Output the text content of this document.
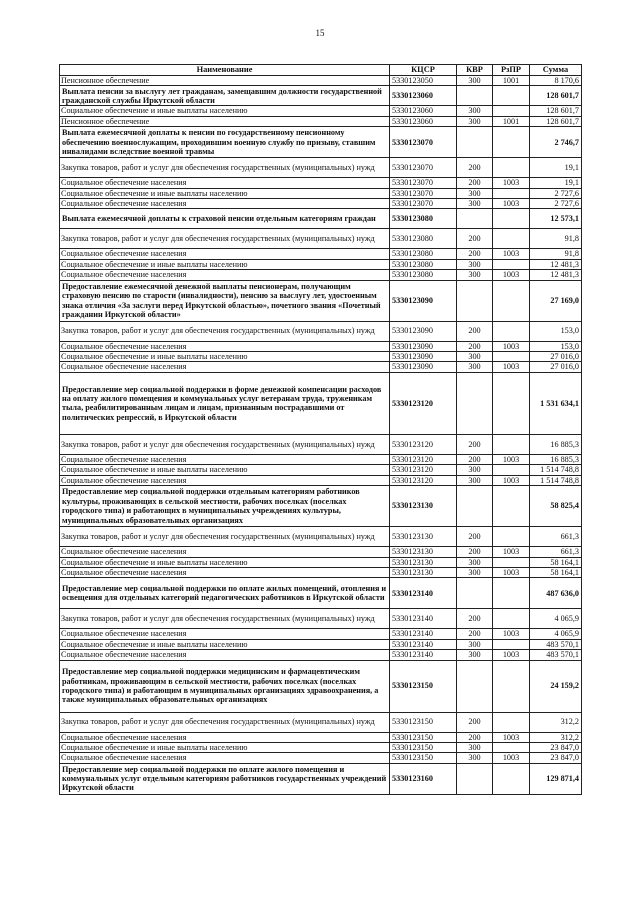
15
Наименование	КЦСР	КВР	РзПР	Сумма
Пенсионное обеспечение	5330123050	300	1001	8 170,6
Выплата пенсии за выслугу лет гражданам, замещавшим должности государственной гражданской службы Иркутской области	5330123060			128 601,7
Социальное обеспечение и иные выплаты населению	5330123060	300		128 601,7
Пенсионное обеспечение	5330123060	300	1001	128 601,7
Выплата ежемесячной доплаты к пенсии по государственному пенсионному обеспечению военнослужащим, проходившим военную службу по призыву, ставшим инвалидами вследствие военной травмы	5330123070			2 746,7
Закупка товаров, работ и услуг для обеспечения государственных (муниципальных) нужд	5330123070	200		19,1
Социальное обеспечение населения	5330123070	200	1003	19,1
Социальное обеспечение и иные выплаты населению	5330123070	300		2 727,6
Социальное обеспечение населения	5330123070	300	1003	2 727,6
Выплата ежемесячной доплаты к страховой пенсии отдельным категориям граждан	5330123080			12 573,1
Закупка товаров, работ и услуг для обеспечения государственных (муниципальных) нужд	5330123080	200		91,8
Социальное обеспечение населения	5330123080	200	1003	91,8
Социальное обеспечение и иные выплаты населению	5330123080	300		12 481,3
Социальное обеспечение населения	5330123080	300	1003	12 481,3
Предоставление ежемесячной денежной выплаты пенсионерам, получающим страховую пенсию по старости (инвалидности), пенсию за выслугу лет, удостоенным знака отличия «За заслуги перед Иркутской областью», почетного звания «Почетный гражданин Иркутской области»	5330123090			27 169,0
Закупка товаров, работ и услуг для обеспечения государственных (муниципальных) нужд	5330123090	200		153,0
Социальное обеспечение населения	5330123090	200	1003	153,0
Социальное обеспечение и иные выплаты населению	5330123090	300		27 016,0
Социальное обеспечение населения	5330123090	300	1003	27 016,0
Предоставление мер социальной поддержки в форме денежной компенсации расходов на оплату жилого помещения и коммунальных услуг ветеранам труда, труженикам тыла, реабилитированным лицам и лицам, признанным пострадавшими от политических репрессий, в Иркутской области	5330123120			1 531 634,1
Закупка товаров, работ и услуг для обеспечения государственных (муниципальных) нужд	5330123120	200		16 885,3
Социальное обеспечение населения	5330123120	200	1003	16 885,3
Социальное обеспечение и иные выплаты населению	5330123120	300		1 514 748,8
Социальное обеспечение населения	5330123120	300	1003	1 514 748,8
Предоставление мер социальной поддержки отдельным категориям работников культуры, проживающих в сельской местности, рабочих поселках (поселках городского типа) и работающих в муниципальных учреждениях культуры, муниципальных образовательных организациях	5330123130			58 825,4
Закупка товаров, работ и услуг для обеспечения государственных (муниципальных) нужд	5330123130	200		661,3
Социальное обеспечение населения	5330123130	200	1003	661,3
Социальное обеспечение и иные выплаты населению	5330123130	300		58 164,1
Социальное обеспечение населения	5330123130	300	1003	58 164,1
Предоставление мер социальной поддержки по оплате жилых помещений, отопления и освещения для отдельных категорий педагогических работников в Иркутской области	5330123140			487 636,0
Закупка товаров, работ и услуг для обеспечения государственных (муниципальных) нужд	5330123140	200		4 065,9
Социальное обеспечение населения	5330123140	200	1003	4 065,9
Социальное обеспечение и иные выплаты населению	5330123140	300		483 570,1
Социальное обеспечение населения	5330123140	300	1003	483 570,1
Предоставление мер социальной поддержки медицинским и фармацевтическим работникам, проживающим в сельской местности, рабочих поселках (поселках городского типа) и работающим в муниципальных организациях здравоохранения, а также муниципальных образовательных организациях	5330123150			24 159,2
Закупка товаров, работ и услуг для обеспечения государственных (муниципальных) нужд	5330123150	200		312,2
Социальное обеспечение населения	5330123150	200	1003	312,2
Социальное обеспечение и иные выплаты населению	5330123150	300		23 847,0
Социальное обеспечение населения	5330123150	300	1003	23 847,0
Предоставление мер социальной поддержки по оплате жилого помещения и коммунальных услуг отдельным категориям работников государственных учреждений Иркутской области	5330123160			129 871,4
